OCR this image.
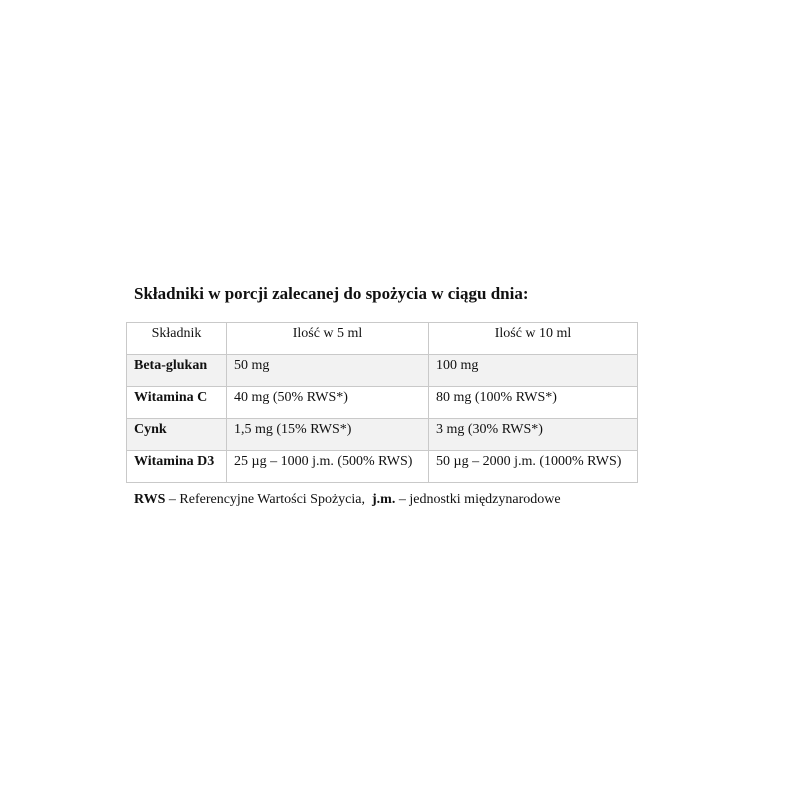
Składniki w porcji zalecanej do spożycia w ciągu dnia:
Składnik	Ilość w 5 ml	Ilość w 10 ml
Beta-glukan	50 mg	100 mg
Witamina C	40 mg (50% RWS*)	80 mg (100% RWS*)
Cynk	1,5 mg (15% RWS*)	3 mg (30% RWS*)
Witamina D3	25 µg – 1000 j.m. (500% RWS)	50 µg – 2000 j.m. (1000% RWS)
RWS – Referencyjne Wartości Spożycia,  j.m. – jednostki międzynarodowe
